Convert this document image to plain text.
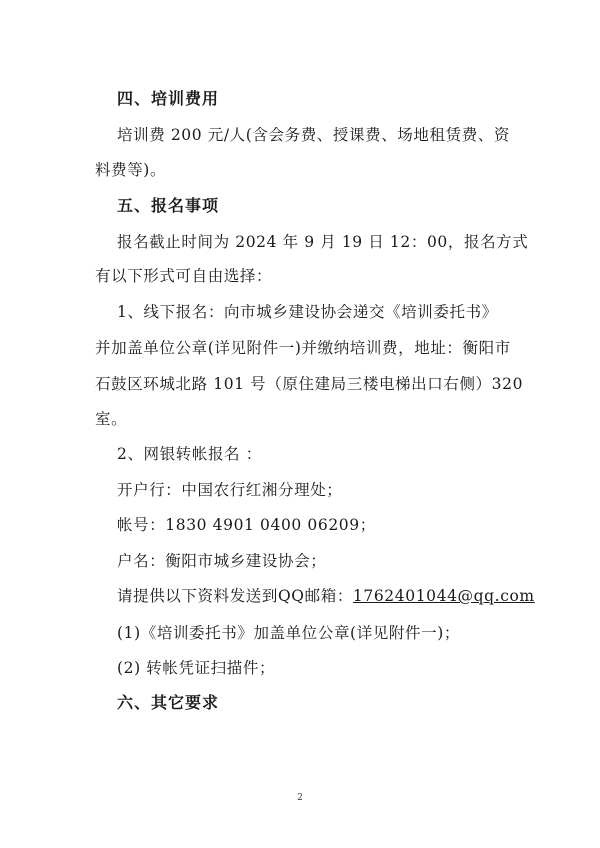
四、培训费用
培训费 200 元/人(含会务费、授课费、场地租赁费、资
料费等)。
五、报名事项
报名截止时间为 2024 年 9 月 19 日 12：00，报名方式
有以下形式可自由选择：
1、线下报名：向市城乡建设协会递交《培训委托书》
并加盖单位公章(详见附件一)并缴纳培训费，地址：衡阳市
石鼓区环城北路 101 号（原住建局三楼电梯出口右侧）320
室。
2、网银转帐报名 ：
开户行：中国农行红湘分理处；
帐号：1830 4901 0400 06209；
户名：衡阳市城乡建设协会；
请提供以下资料发送到QQ邮箱：1762401044@qq.com
(1)《培训委托书》加盖单位公章(详见附件一)；
(2) 转帐凭证扫描件；
六、其它要求
2
